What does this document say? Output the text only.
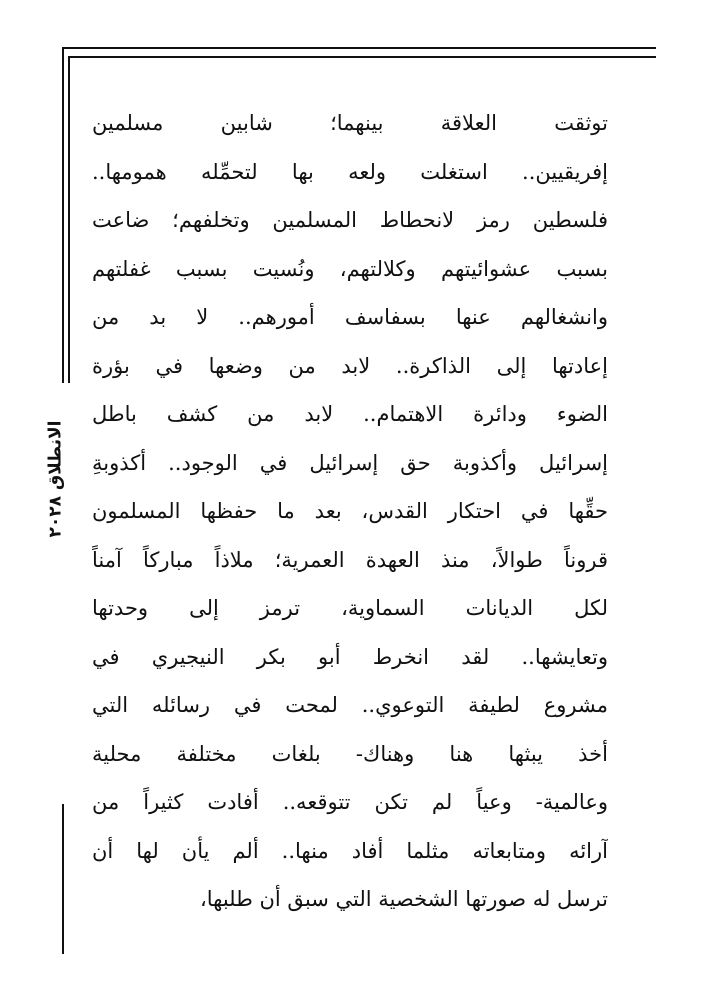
الانطلاق ٢٠٢٨
توثقت العلاقة بينهما؛ شابين مسلمين
إفريقيين.. استغلت ولعه بها لتحمِّله همومها..
فلسطين رمز لانحطاط المسلمين وتخلفهم؛ ضاعت
بسبب عشوائيتهم وكلالتهم، ونُسيت بسبب غفلتهم
وانشغالهم عنها بسفاسف أمورهم.. لا بد من
إعادتها إلى الذاكرة.. لابد من وضعها في بؤرة
الضوء ودائرة الاهتمام.. لابد من كشف باطل
إسرائيل وأكذوبة حق إسرائيل في الوجود.. أكذوبةِ
حقِّها في احتكار القدس، بعد ما حفظها المسلمون
قروناً طوالاً، منذ العهدة العمرية؛ ملاذاً مباركاً آمناً
لكل الديانات السماوية، ترمز إلى وحدتها
وتعايشها.. لقد انخرط أبو بكر النيجيري في
مشروع لطيفة التوعوي.. لمحت في رسائله التي
أخذ يبثها هنا وهناك- بلغات مختلفة محلية
وعالمية- وعياً لم تكن تتوقعه.. أفادت كثيراً من
آرائه ومتابعاته مثلما أفاد منها.. ألم يأن لها أن
ترسل له صورتها الشخصية التي سبق أن طلبها،
